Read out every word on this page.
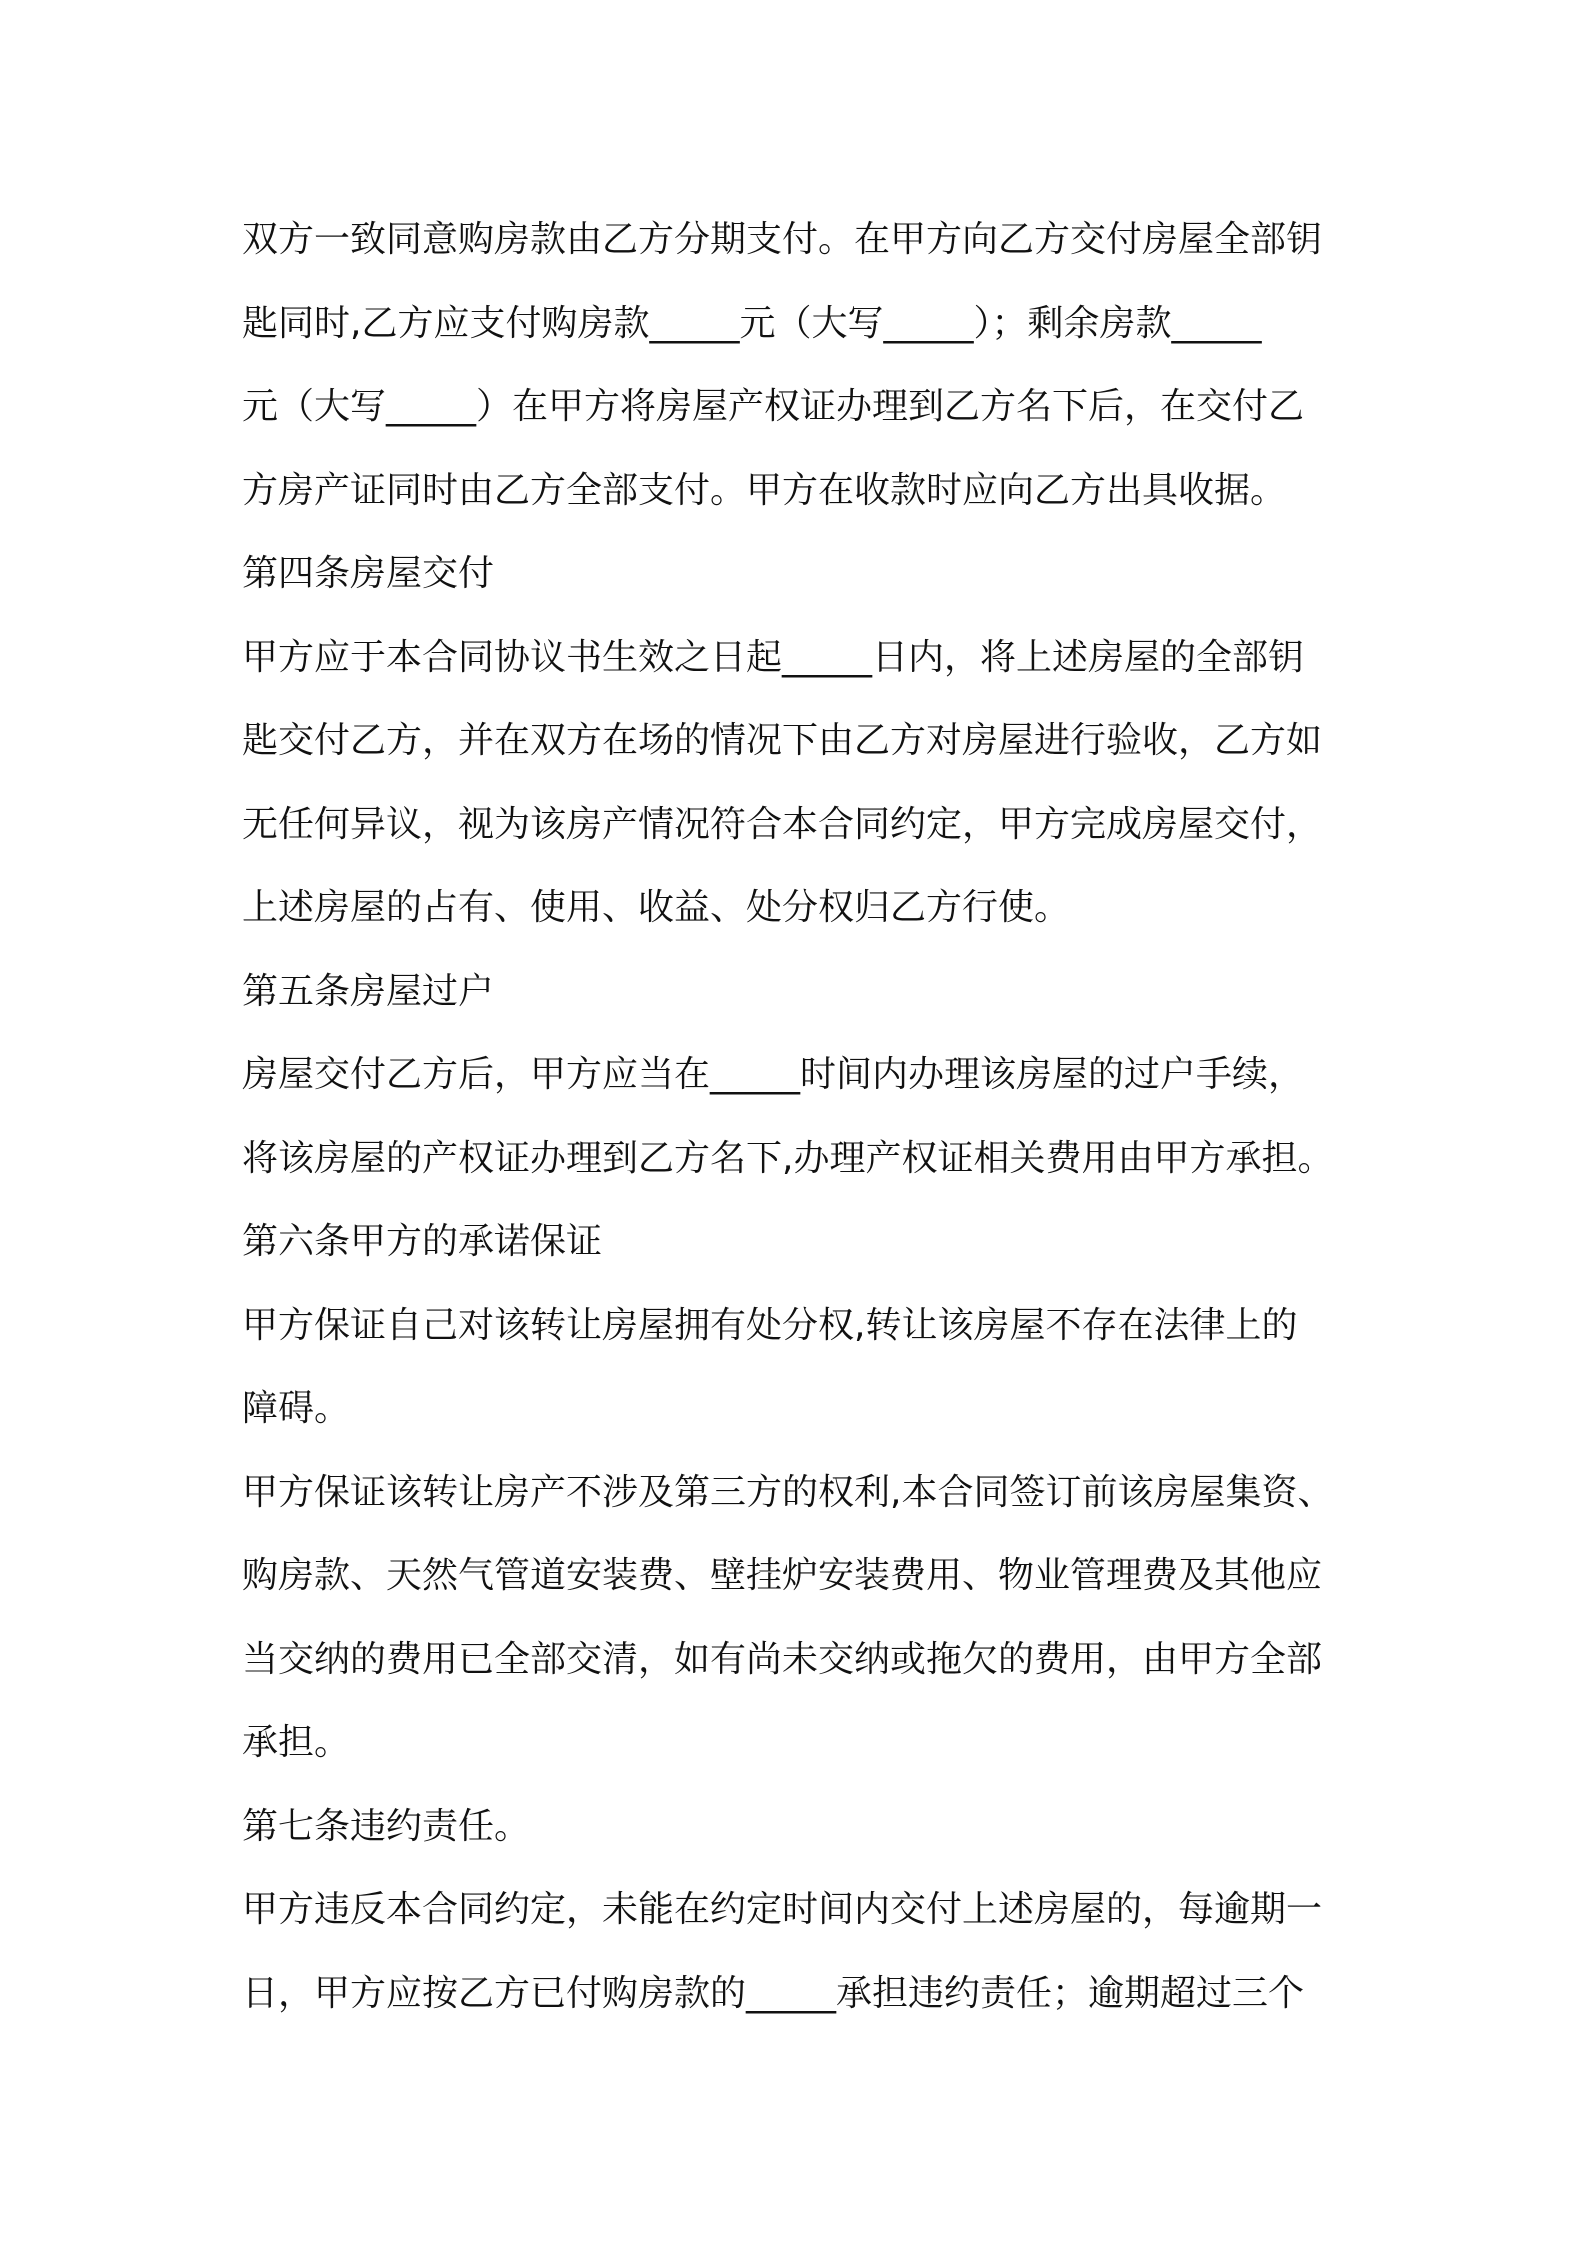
双方一致同意购房款由乙方分期支付。在甲方向乙方交付房屋全部钥
匙同时,乙方应支付购房款_____元（大写_____）；剩余房款_____
元（大写_____）在甲方将房屋产权证办理到乙方名下后，在交付乙
方房产证同时由乙方全部支付。甲方在收款时应向乙方出具收据。
第四条房屋交付
甲方应于本合同协议书生效之日起_____日内，将上述房屋的全部钥
匙交付乙方，并在双方在场的情况下由乙方对房屋进行验收，乙方如
无任何异议，视为该房产情况符合本合同约定，甲方完成房屋交付，
上述房屋的占有、使用、收益、处分权归乙方行使。
第五条房屋过户
房屋交付乙方后，甲方应当在_____时间内办理该房屋的过户手续，
将该房屋的产权证办理到乙方名下,办理产权证相关费用由甲方承担。
第六条甲方的承诺保证
甲方保证自己对该转让房屋拥有处分权,转让该房屋不存在法律上的
障碍。
甲方保证该转让房产不涉及第三方的权利,本合同签订前该房屋集资、
购房款、天然气管道安装费、壁挂炉安装费用、物业管理费及其他应
当交纳的费用已全部交清，如有尚未交纳或拖欠的费用，由甲方全部
承担。
第七条违约责任。
甲方违反本合同约定，未能在约定时间内交付上述房屋的，每逾期一
日，甲方应按乙方已付购房款的_____承担违约责任；逾期超过三个
